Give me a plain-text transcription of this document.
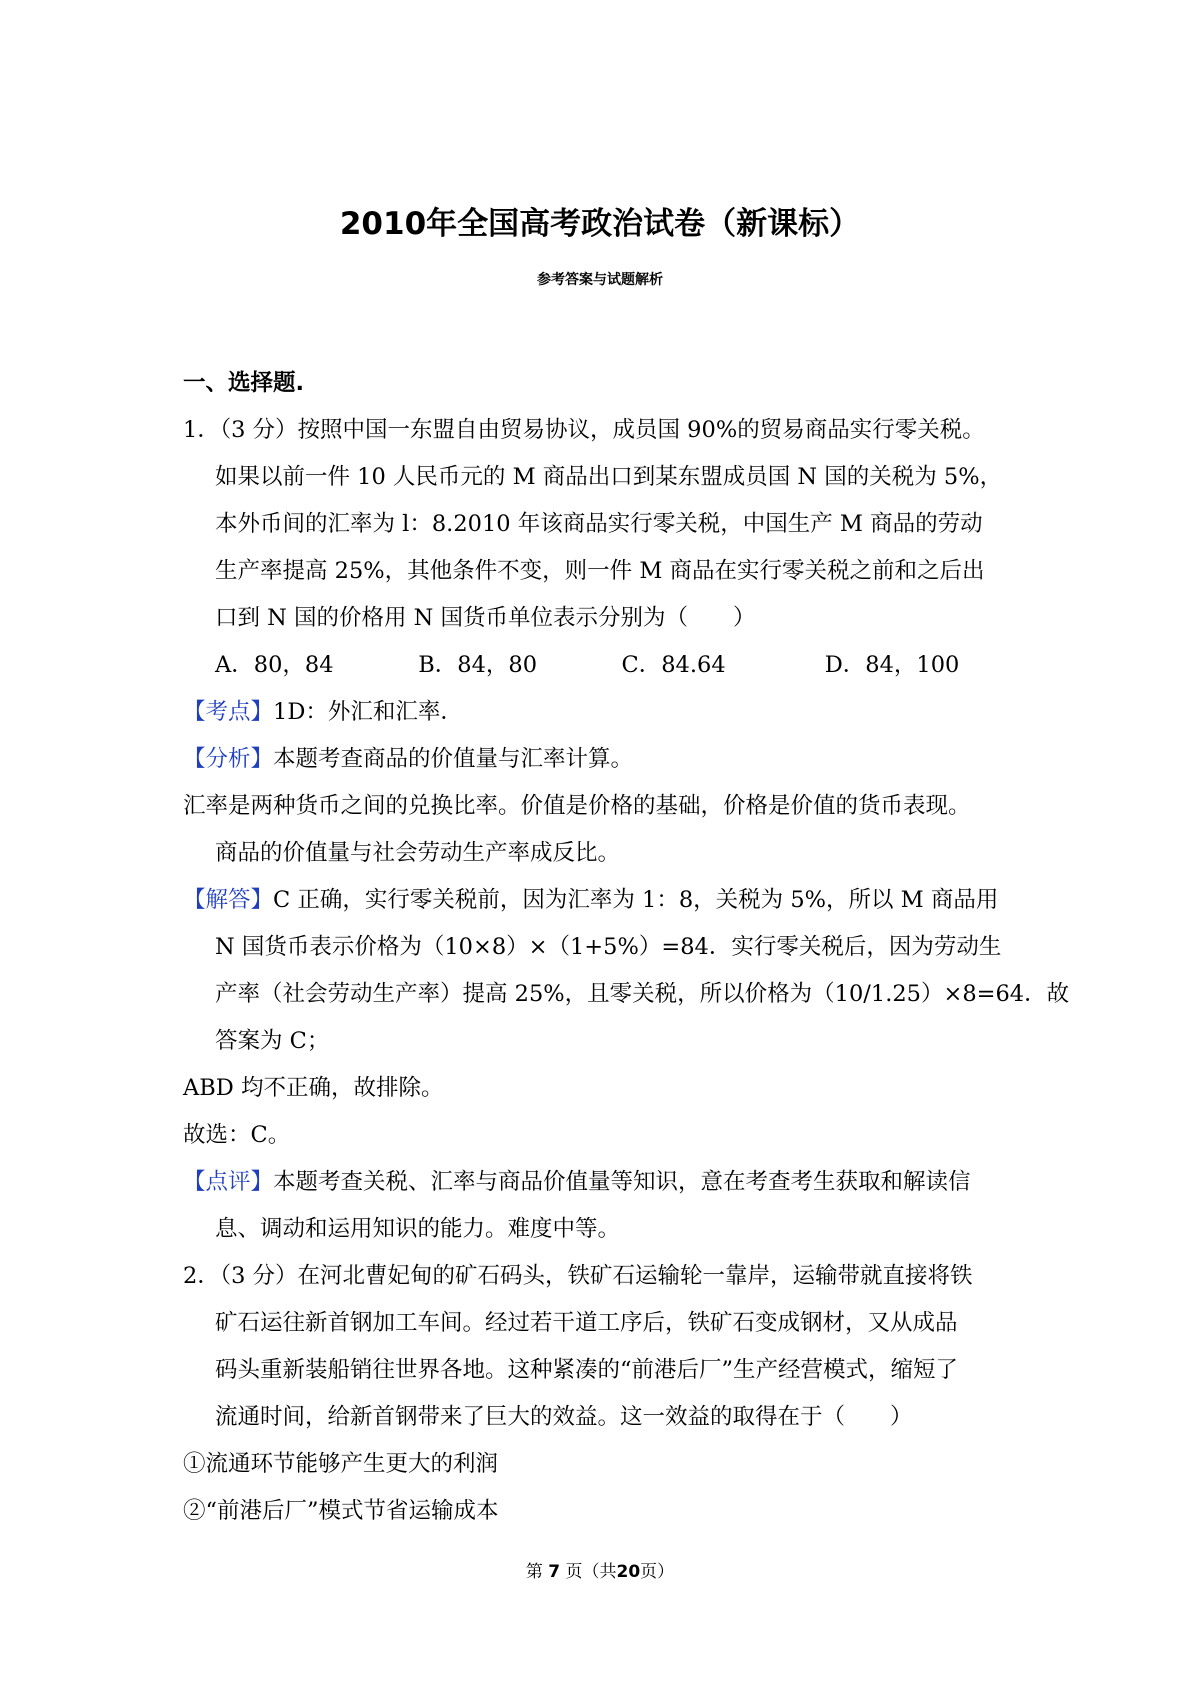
2010年全国高考政治试卷（新课标）
参考答案与试题解析
一、选择题.
1．（3 分）按照中国一东盟自由贸易协议，成员国 90%的贸易商品实行零关税。
如果以前一件 10 人民币元的 M 商品出口到某东盟成员国 N 国的关税为 5%，
本外币间的汇率为 l：8.2010 年该商品实行零关税，中国生产 M 商品的劳动
生产率提高 25%，其他条件不变，则一件 M 商品在实行零关税之前和之后出
口到 N 国的价格用 N 国货币单位表示分别为（　　）
A．80，84	B．84，80	C．84.64	D．84，100
【考点】1D：外汇和汇率．
【分析】本题考查商品的价值量与汇率计算。
汇率是两种货币之间的兑换比率。价值是价格的基础，价格是价值的货币表现。
商品的价值量与社会劳动生产率成反比。
【解答】C 正确，实行零关税前，因为汇率为 1：8，关税为 5%，所以 M 商品用
N 国货币表示价格为（10×8）×（1+5%）=84．实行零关税后，因为劳动生
产率（社会劳动生产率）提高 25%，且零关税，所以价格为（10/1.25）×8=64．故
答案为 C；
ABD 均不正确，故排除。
故选：C。
【点评】本题考查关税、汇率与商品价值量等知识，意在考查考生获取和解读信
息、调动和运用知识的能力。难度中等。
2．（3 分）在河北曹妃甸的矿石码头，铁矿石运输轮一靠岸，运输带就直接将铁
矿石运往新首钢加工车间。经过若干道工序后，铁矿石变成钢材，又从成品
码头重新装船销往世界各地。这种紧凑的“前港后厂”生产经营模式，缩短了
流通时间，给新首钢带来了巨大的效益。这一效益的取得在于（　　）
①流通环节能够产生更大的利润
②“前港后厂”模式节省运输成本
第 7 页（共20页）
